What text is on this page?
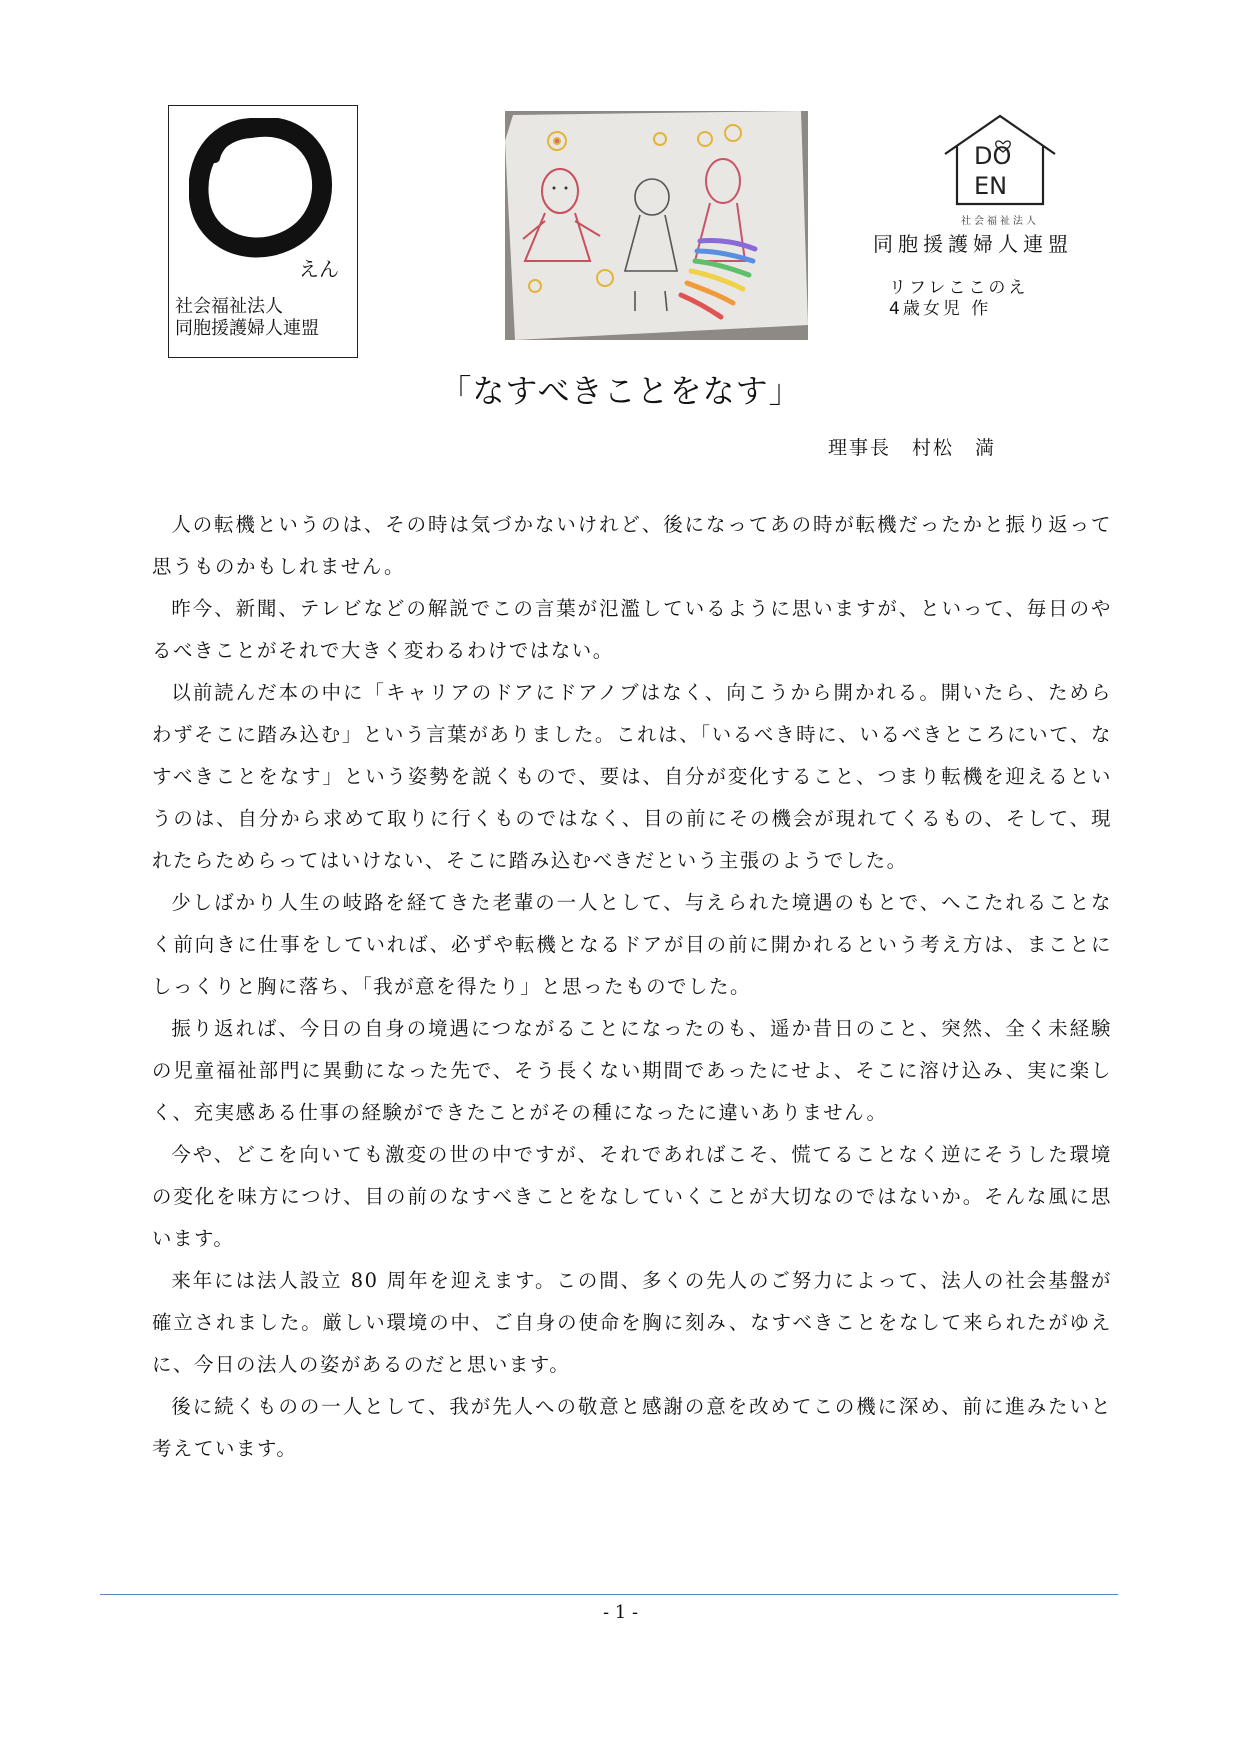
えん
社会福祉法人
同胞援護婦人連盟
DO
EN
社会福祉法人
同胞援護婦人連盟
リフレここのえ
4歳女児 作
「なすべきことをなす」
理事長　村松　満

人の転機というのは、その時は気づかないけれど、後になってあの時が転機だったかと振り返って思うものかもしれません。

昨今、新聞、テレビなどの解説でこの言葉が氾濫しているように思いますが、といって、毎日のやるべきことがそれで大きく変わるわけではない。

以前読んだ本の中に「キャリアのドアにドアノブはなく、向こうから開かれる。開いたら、ためらわずそこに踏み込む」という言葉がありました。これは、「いるべき時に、いるべきところにいて、なすべきことをなす」という姿勢を説くもので、要は、自分が変化すること、つまり転機を迎えるというのは、自分から求めて取りに行くものではなく、目の前にその機会が現れてくるもの、そして、現れたらためらってはいけない、そこに踏み込むべきだという主張のようでした。

少しばかり人生の岐路を経てきた老輩の一人として、与えられた境遇のもとで、へこたれることなく前向きに仕事をしていれば、必ずや転機となるドアが目の前に開かれるという考え方は、まことにしっくりと胸に落ち、「我が意を得たり」と思ったものでした。

振り返れば、今日の自身の境遇につながることになったのも、遥か昔日のこと、突然、全く未経験の児童福祉部門に異動になった先で、そう長くない期間であったにせよ、そこに溶け込み、実に楽しく、充実感ある仕事の経験ができたことがその種になったに違いありません。

今や、どこを向いても激変の世の中ですが、それであればこそ、慌てることなく逆にそうした環境の変化を味方につけ、目の前のなすべきことをなしていくことが大切なのではないか。そんな風に思います。

来年には法人設立 80 周年を迎えます。この間、多くの先人のご努力によって、法人の社会基盤が確立されました。厳しい環境の中、ご自身の使命を胸に刻み、なすべきことをなして来られたがゆえに、今日の法人の姿があるのだと思います。

後に続くものの一人として、我が先人への敬意と感謝の意を改めてこの機に深め、前に進みたいと考えています。

- 1 -
